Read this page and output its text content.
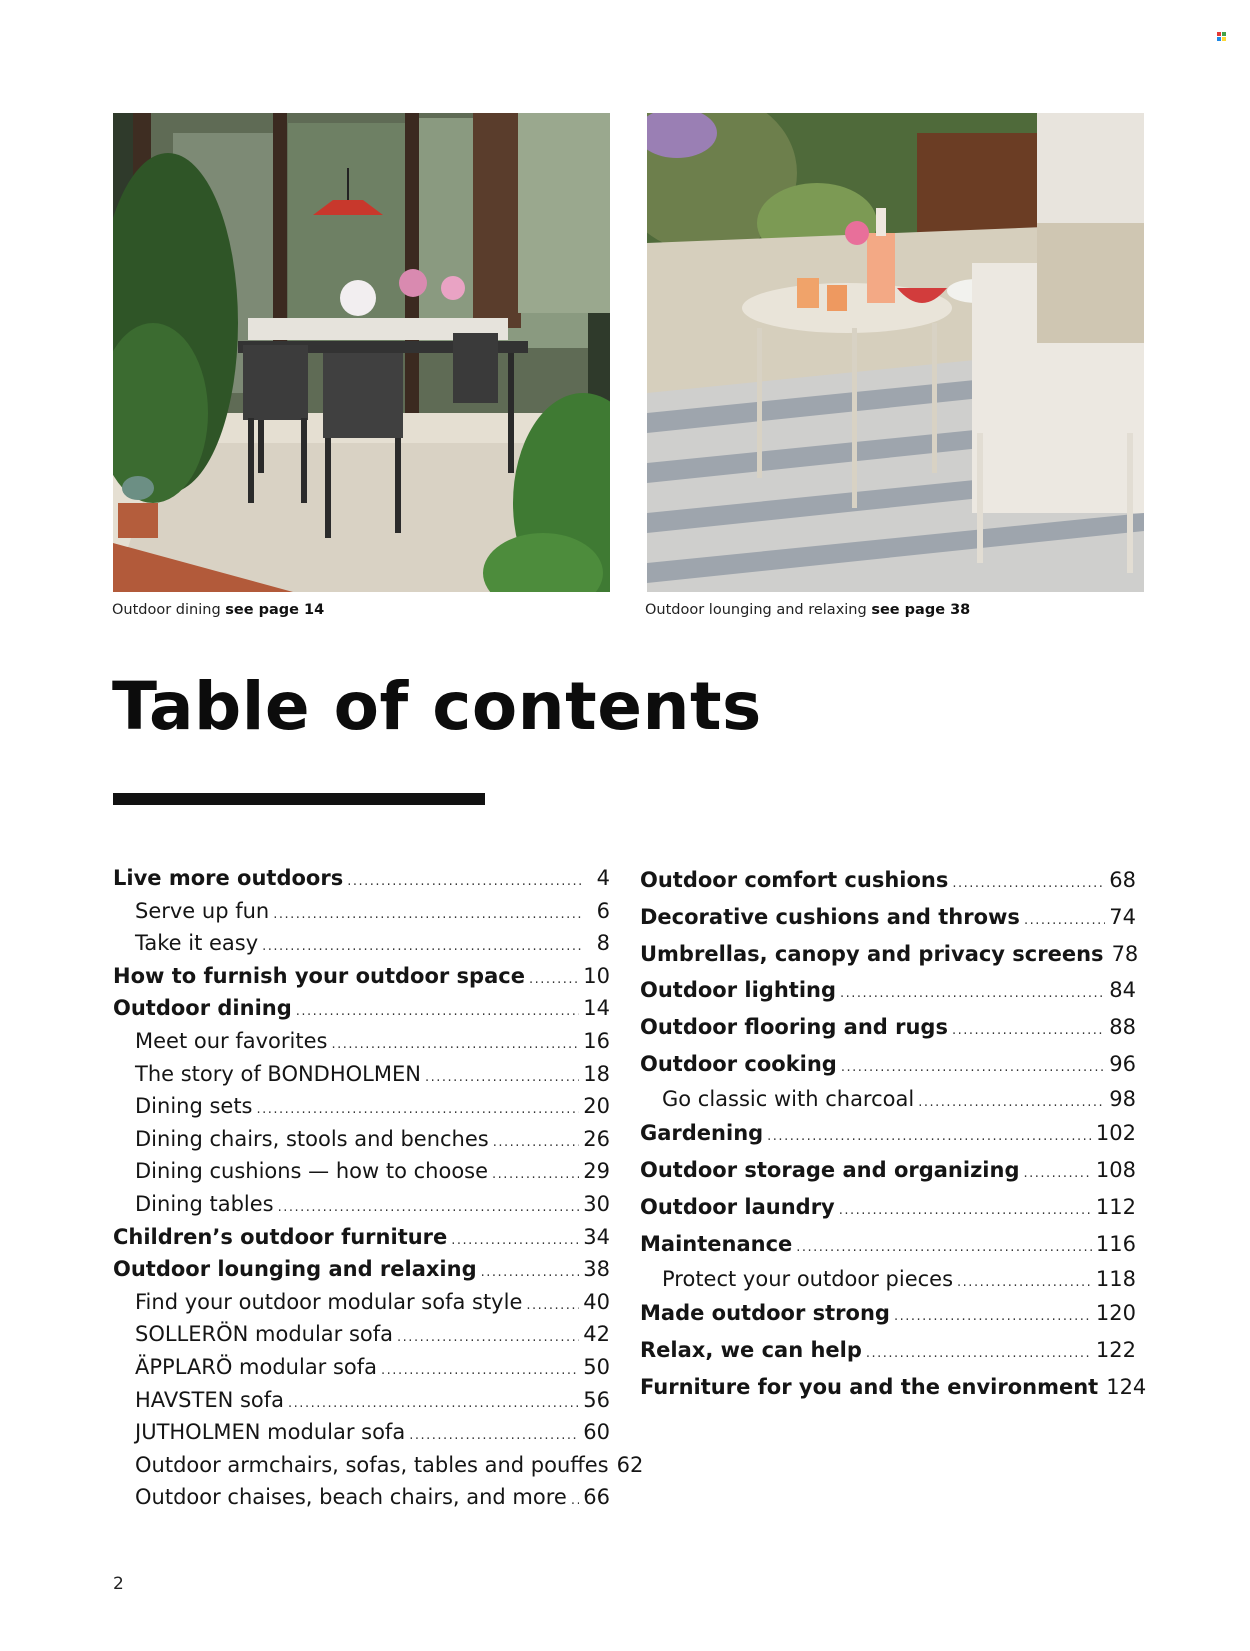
Outdoor dining see page 14	Outdoor lounging and relaxing see page 38
Table of contents
Live more outdoors .....	4
Serve up fun .....	6
Take it easy .....	8
How to furnish your outdoor space .....	10
Outdoor dining .....	14
Meet our favorites .....	16
The story of BONDHOLMEN .....	18
Dining sets .....	20
Dining chairs, stools and benches .....	26
Dining cushions — how to choose .....	29
Dining tables .....	30
Children’s outdoor furniture .....	34
Outdoor lounging and relaxing .....	38
Find your outdoor modular sofa style .....	40
SOLLERÖN modular sofa .....	42
ÄPPLARÖ modular sofa .....	50
HAVSTEN sofa .....	56
JUTHOLMEN modular sofa .....	60
Outdoor armchairs, sofas, tables and pouffes 62
Outdoor chaises, beach chairs, and more ..... 66
Outdoor comfort cushions .....	68
Decorative cushions and throws .....	74
Umbrellas, canopy and privacy screens 78
Outdoor lighting .....	84
Outdoor flooring and rugs .....	88
Outdoor cooking .....	96
Go classic with charcoal .....	98
Gardening .....	102
Outdoor storage and organizing .....	108
Outdoor laundry .....	112
Maintenance .....	116
Protect your outdoor pieces .....	118
Made outdoor strong .....	120
Relax, we can help .....	122
Furniture for you and the environment 124
2
